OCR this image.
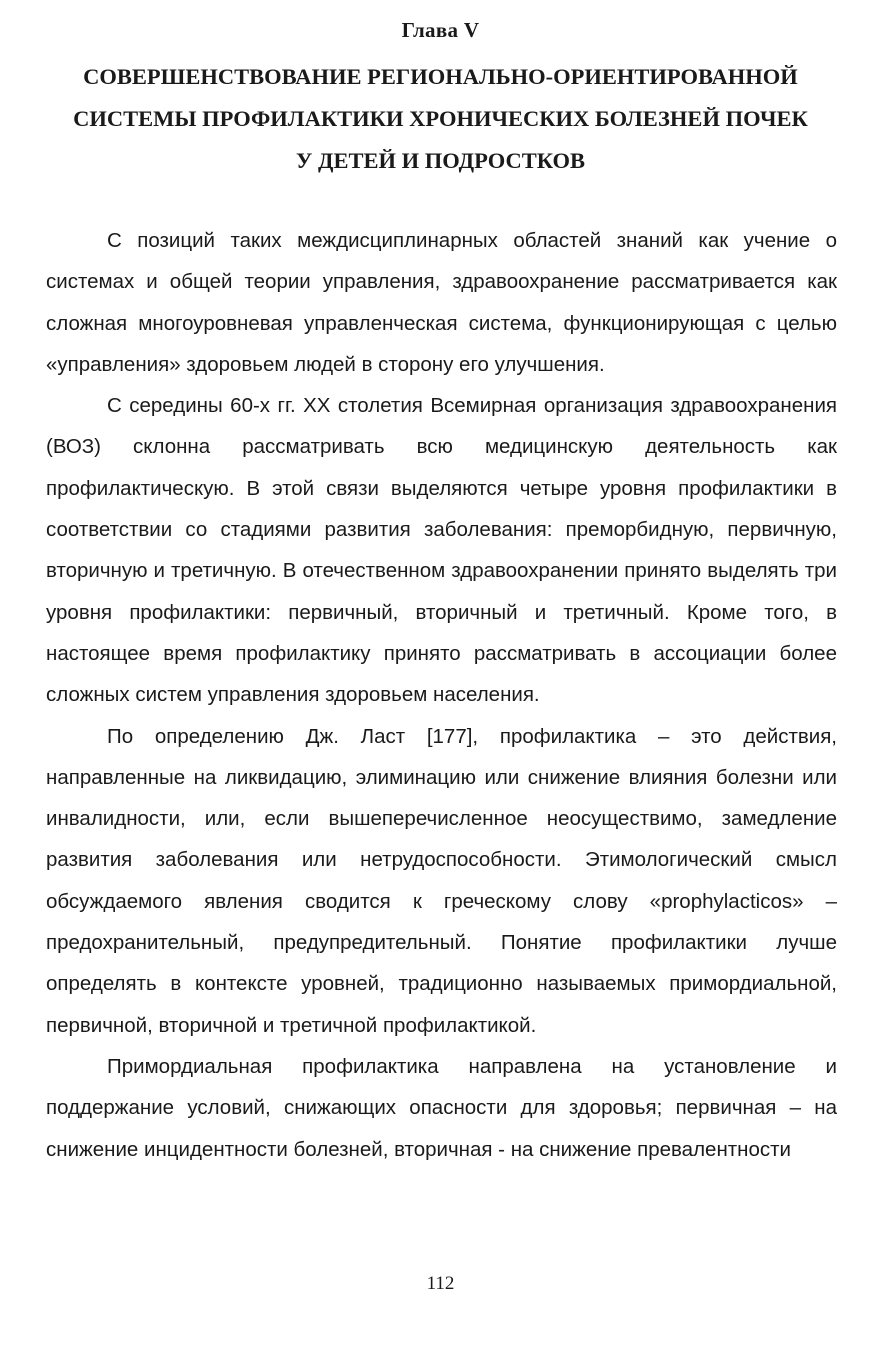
Глава V
СОВЕРШЕНСТВОВАНИЕ РЕГИОНАЛЬНО-ОРИЕНТИРОВАННОЙ
СИСТЕМЫ ПРОФИЛАКТИКИ ХРОНИЧЕСКИХ БОЛЕЗНЕЙ ПОЧЕК
У ДЕТЕЙ И ПОДРОСТКОВ

С позиций таких междисциплинарных областей знаний как учение о системах и общей теории управления, здравоохранение рассматривается как сложная многоуровневая управленческая система, функционирующая с целью «управления» здоровьем людей в сторону его улучшения.

С середины 60-х гг. XX столетия Всемирная организация здравоохранения (ВОЗ) склонна рассматривать всю медицинскую деятельность как профилактическую. В этой связи выделяются четыре уровня профилактики в соответствии со стадиями развития заболевания: преморбидную, первичную, вторичную и третичную. В отечественном здравоохранении принято выделять три уровня профилактики: первичный, вторичный и третичный. Кроме того, в настоящее время профилактику принято рассматривать в ассоциации более сложных систем управления здоровьем населения.

По определению Дж. Ласт [177], профилактика – это действия, направленные на ликвидацию, элиминацию или снижение влияния болезни или инвалидности, или, если вышеперечисленное неосуществимо, замедление развития заболевания или нетрудоспособности. Этимологический смысл обсуждаемого явления сводится к греческому слову «prophylacticos» – предохранительный, предупредительный. Понятие профилактики лучше определять в контексте уровней, традиционно называемых примордиальной, первичной, вторичной и третичной профилактикой.

Примордиальная профилактика направлена на установление и поддержание условий, снижающих опасности для здоровья; первичная – на снижение инцидентности болезней, вторичная - на снижение превалентности

112
